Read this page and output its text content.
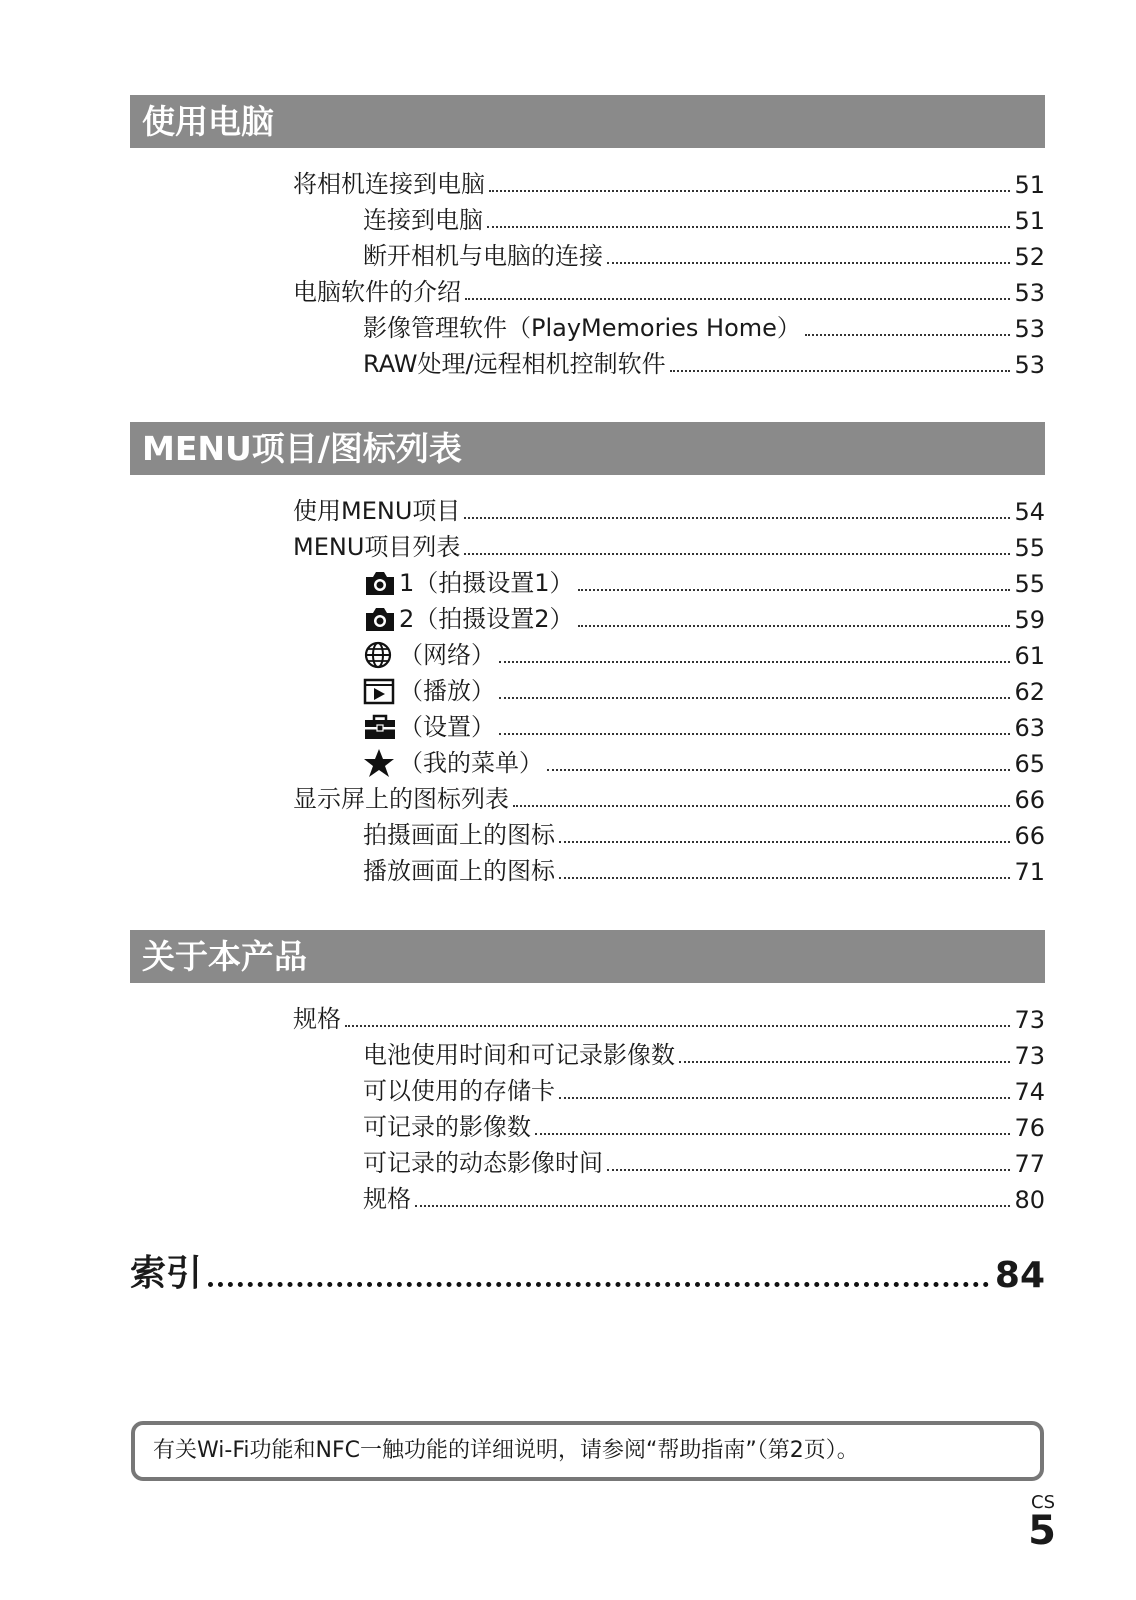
使用电脑
将相机连接到电脑	51
连接到电脑	51
断开相机与电脑的连接	52
电脑软件的介绍	53
影像管理软件（PlayMemories Home）	53
RAW处理/远程相机控制软件	53
MENU项目/图标列表
使用MENU项目	54
MENU项目列表	55
1（拍摄设置1）	55
2（拍摄设置2）	59
（网络）	61
（播放）	62
（设置）	63
（我的菜单）	65
显示屏上的图标列表	66
拍摄画面上的图标	66
播放画面上的图标	71
关于本产品
规格	73
电池使用时间和可记录影像数	73
可以使用的存储卡	74
可记录的影像数	76
可记录的动态影像时间	77
规格	80
索引	84
有关Wi-Fi功能和NFC一触功能的详细说明，请参阅“帮助指南”（第2页）。
CS
5
